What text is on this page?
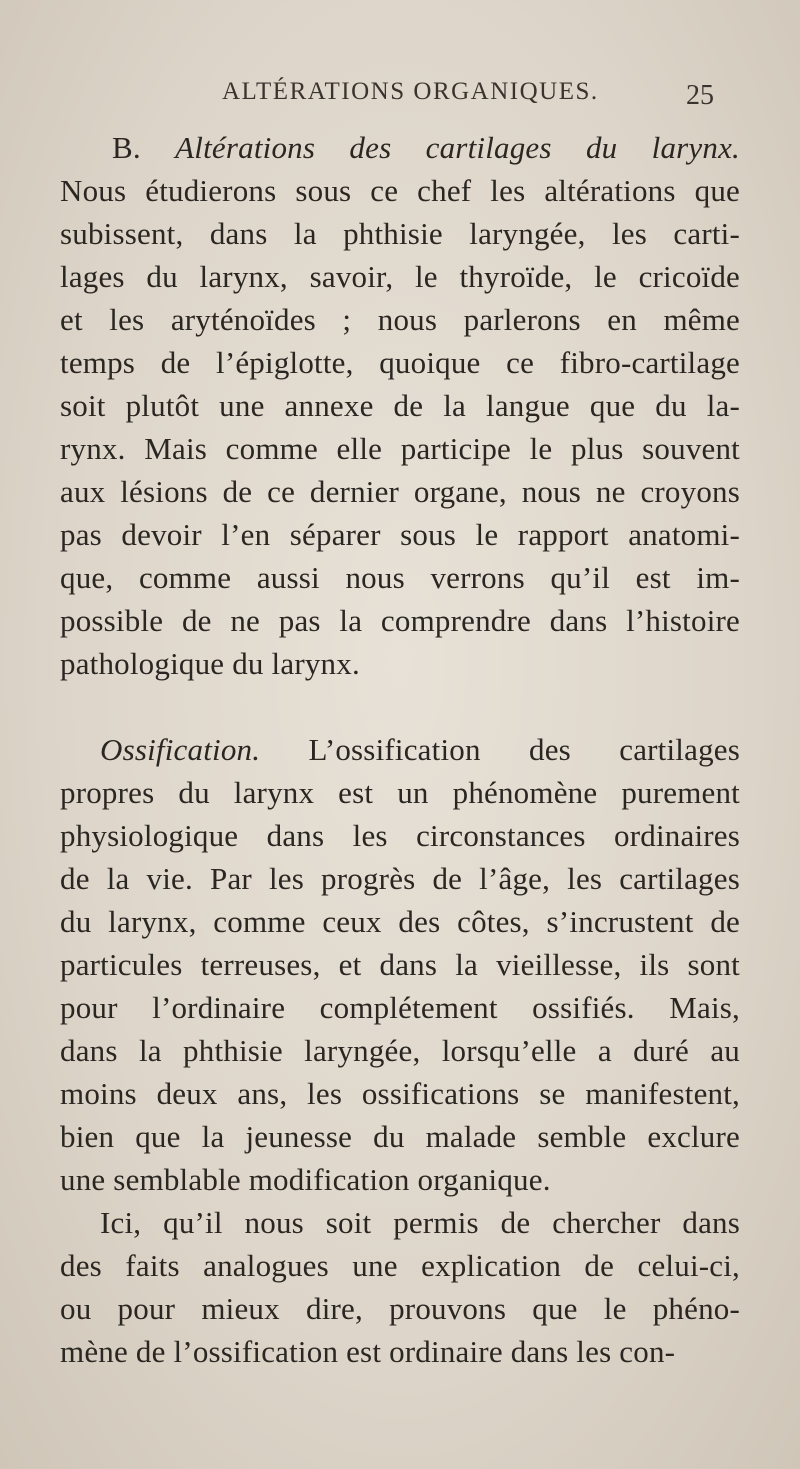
ALTÉRATIONS ORGANIQUES.	25
B. Altérations des cartilages du larynx.
Nous étudierons sous ce chef les altérations que
subissent, dans la phthisie laryngée, les carti-
lages du larynx, savoir, le thyroïde, le cricoïde
et les aryténoïdes ; nous parlerons en même
temps de l’épiglotte, quoique ce fibro-cartilage
soit plutôt une annexe de la langue que du la-
rynx. Mais comme elle participe le plus souvent
aux lésions de ce dernier organe, nous ne croyons
pas devoir l’en séparer sous le rapport anatomi-
que, comme aussi nous verrons qu’il est im-
possible de ne pas la comprendre dans l’histoire
pathologique du larynx.
Ossification. L’ossification des cartilages
propres du larynx est un phénomène purement
physiologique dans les circonstances ordinaires
de la vie. Par les progrès de l’âge, les cartilages
du larynx, comme ceux des côtes, s’incrustent de
particules terreuses, et dans la vieillesse, ils sont
pour l’ordinaire complétement ossifiés. Mais,
dans la phthisie laryngée, lorsqu’elle a duré au
moins deux ans, les ossifications se manifestent,
bien que la jeunesse du malade semble exclure
une semblable modification organique.
Ici, qu’il nous soit permis de chercher dans
des faits analogues une explication de celui-ci,
ou pour mieux dire, prouvons que le phéno-
mène de l’ossification est ordinaire dans les con-
